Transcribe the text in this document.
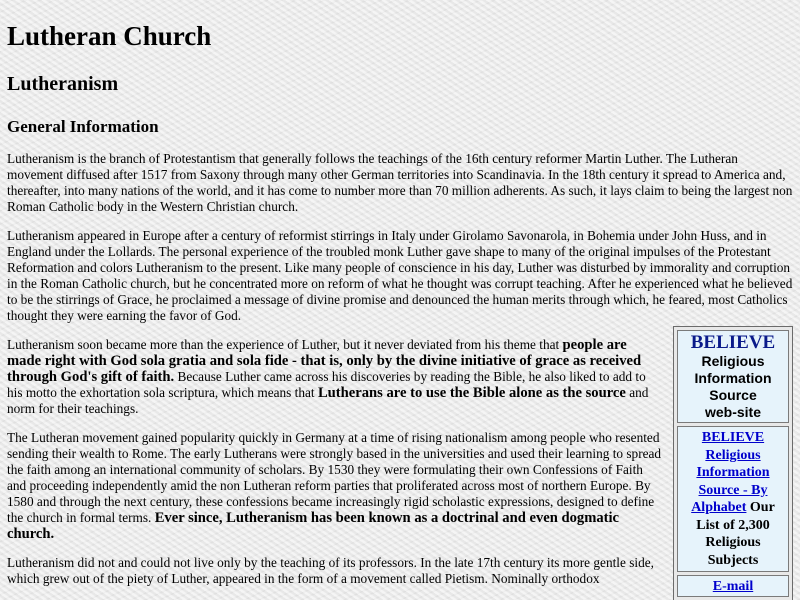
Lutheran Church
Lutheranism
General Information

Lutheranism is the branch of Protestantism that generally follows the teachings of the 16th century reformer Martin Luther. The Lutheran movement diffused after 1517 from Saxony through many other German territories into Scandinavia. In the 18th century it spread to America and, thereafter, into many nations of the world, and it has come to number more than 70 million adherents. As such, it lays claim to being the largest non Roman Catholic body in the Western Christian church.

Lutheranism appeared in Europe after a century of reformist stirrings in Italy under Girolamo Savonarola, in Bohemia under John Huss, and in England under the Lollards. The personal experience of the troubled monk Luther gave shape to many of the original impulses of the Protestant Reformation and colors Lutheranism to the present. Like many people of conscience in his day, Luther was disturbed by immorality and corruption in the Roman Catholic church, but he concentrated more on reform of what he thought was corrupt teaching. After he experienced what he believed to be the stirrings of Grace, he proclaimed a message of divine promise and denounced the human merits through which, he feared, most Catholics thought they were earning the favor of God.

BELIEVE
Religious
Information
Source
web-site
BELIEVE Religious Information Source - By Alphabet Our List of 2,300 Religious Subjects
E-mail

Lutheranism soon became more than the experience of Luther, but it never deviated from his theme that people are made right with God sola gratia and sola fide - that is, only by the divine initiative of grace as received through God's gift of faith. Because Luther came across his discoveries by reading the Bible, he also liked to add to his motto the exhortation sola scriptura, which means that Lutherans are to use the Bible alone as the source and norm for their teachings.

The Lutheran movement gained popularity quickly in Germany at a time of rising nationalism among people who resented sending their wealth to Rome. The early Lutherans were strongly based in the universities and used their learning to spread the faith among an international community of scholars. By 1530 they were formulating their own Confessions of Faith and proceeding independently amid the non Lutheran reform parties that proliferated across most of northern Europe. By 1580 and through the next century, these confessions became increasingly rigid scholastic expressions, designed to define the church in formal terms. Ever since, Lutheranism has been known as a doctrinal and even dogmatic church.

Lutheranism did not and could not live only by the teaching of its professors. In the late 17th century its more gentle side, which grew out of the piety of Luther, appeared in the form of a movement called Pietism. Nominally orthodox
